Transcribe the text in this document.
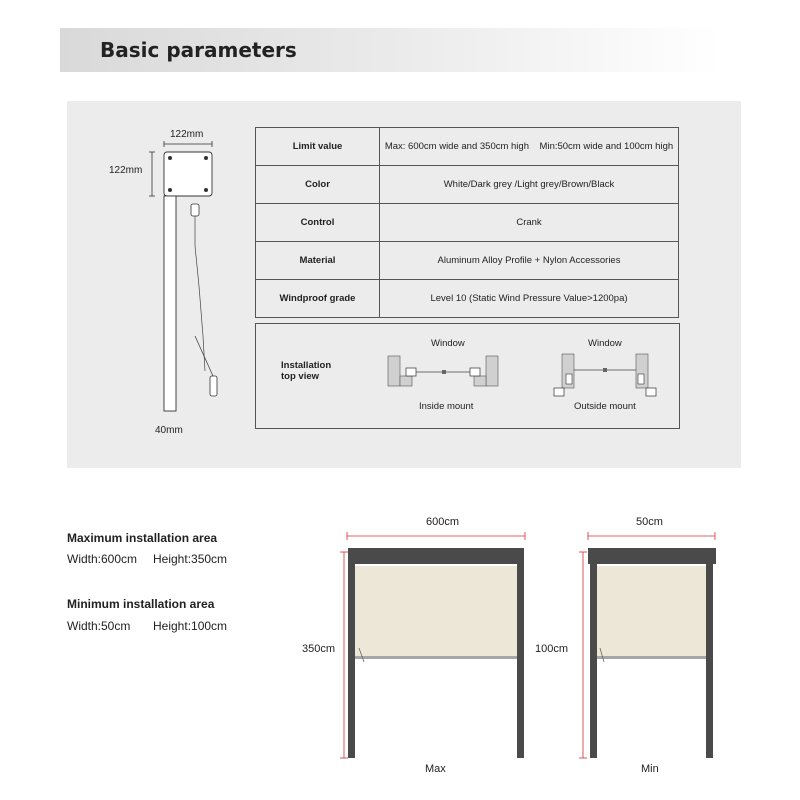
Basic parameters
122mm
122mm
40mm
Limit value	Max: 600cm wide and 350cm high    Min:50cm wide and 100cm high
Color	White/Dark grey /Light grey/Brown/Black
Control	Crank
Material	Aluminum Alloy Profile + Nylon Accessories
Windproof grade	Level 10 (Static Wind Pressure Value>1200pa)
Installation
top view
Window
Inside mount
Window
Outside mount
Maximum installation area
Width:600cm Height:350cm
Minimum installation area
Width:50cm Height:100cm
600cm
350cm
Max
50cm
100cm
Min
